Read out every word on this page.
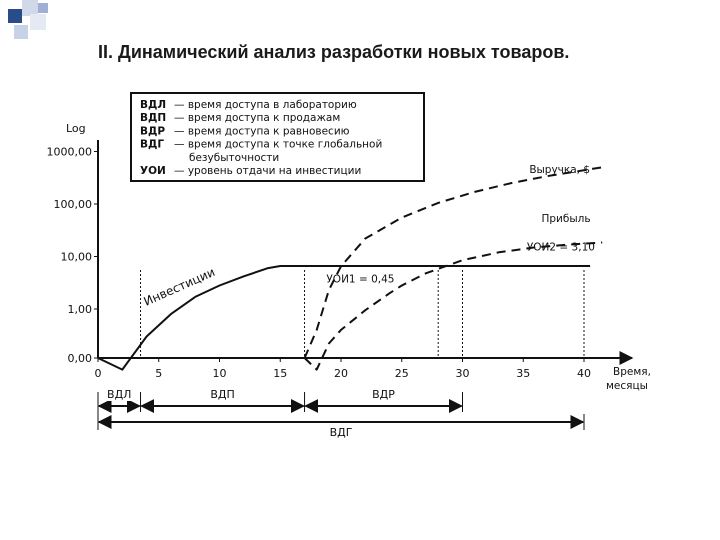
II. Динамический анализ разработки новых товаров.
Log
Время,
месяцы
0,00
1,00
10,00
100,00
1000,00
0	5	10	15	20	25	30	35	40
ВДЛ — время доступа в лабораторию
ВДП — время доступа к продажам
ВДР — время доступа к равновесию
ВДГ — время доступа к точке глобальной
безубыточности
УОИ — уровень отдачи на инвестиции	Выручка, $
Прибыль
УОИ2 = 3,10
УОИ1 = 0,45
Инвестиции
ВДЛ	ВДП	ВДР
ВДГ
